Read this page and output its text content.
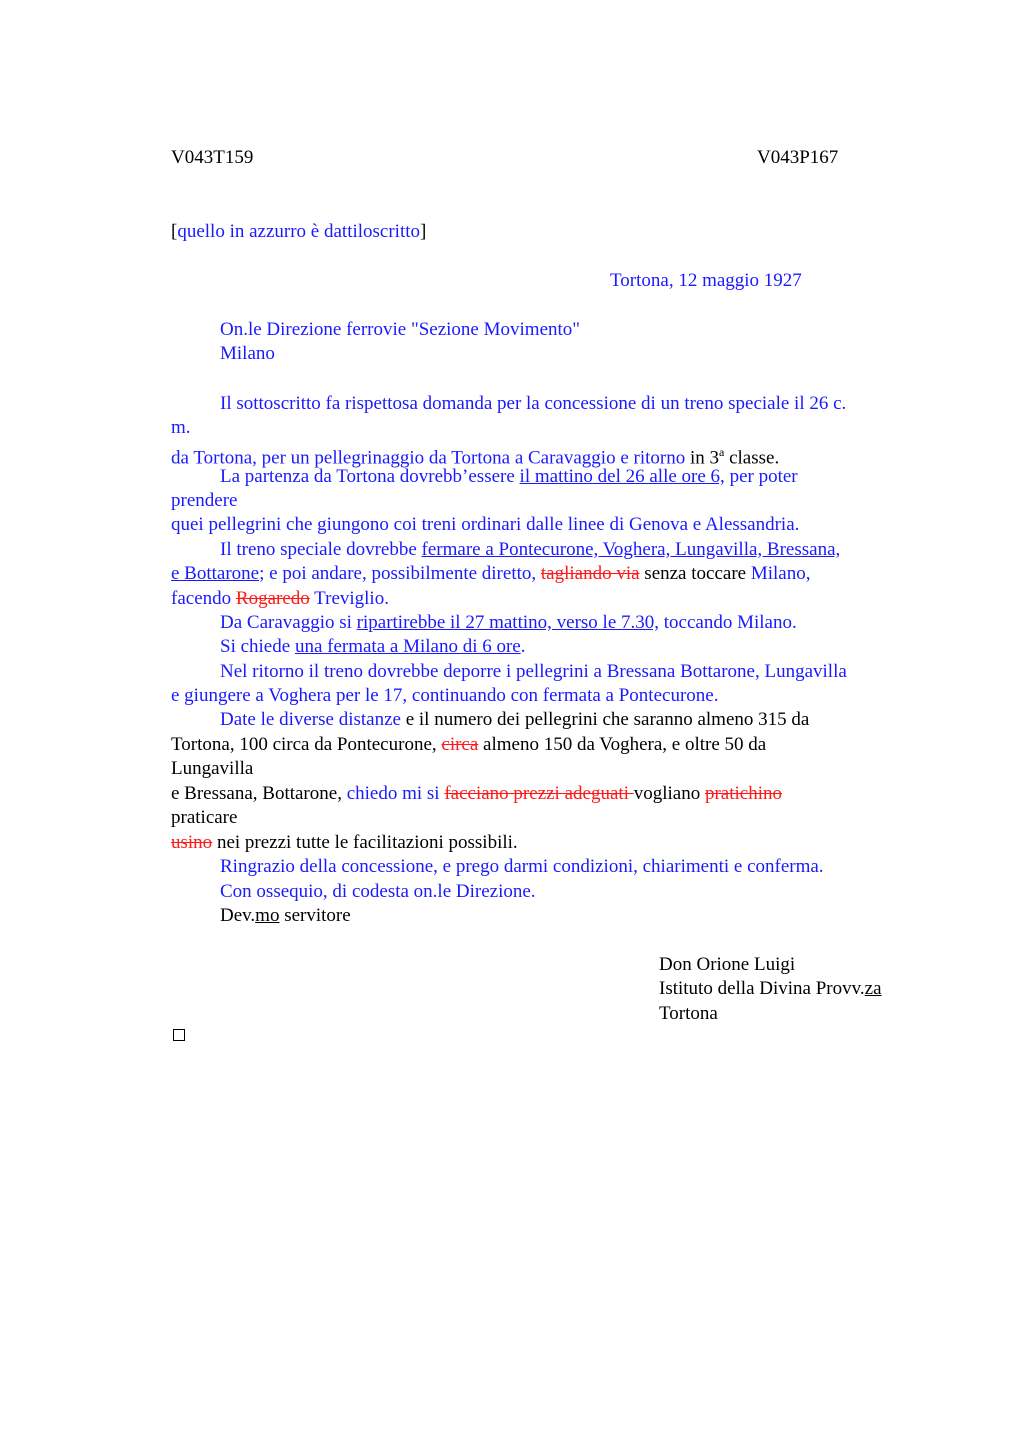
V043T159	V043P167
[quello in azzurro è dattiloscritto]
Tortona, 12 maggio 1927
On.le Direzione ferrovie "Sezione Movimento"
Milano
Il sottoscritto fa rispettosa domanda per la concessione di un treno speciale il 26 c.
m.
da Tortona, per un pellegrinaggio da Tortona a Caravaggio e ritorno in 3$^a$ classe.
La partenza da Tortona dovrebb’essere il mattino del 26 alle ore 6, per poter
prendere
quei pellegrini che giungono coi treni ordinari dalle linee di Genova e Alessandria.
Il treno speciale dovrebbe fermare a Pontecurone, Voghera, Lungavilla, Bressana,
e Bottarone; e poi andare, possibilmente diretto, tagliando via senza toccare Milano,
facendo Rogaredo Treviglio.
Da Caravaggio si ripartirebbe il 27 mattino, verso le 7.30, toccando Milano.
Si chiede una fermata a Milano di 6 ore.
Nel ritorno il treno dovrebbe deporre i pellegrini a Bressana Bottarone, Lungavilla
e giungere a Voghera per le 17, continuando con fermata a Pontecurone.
Date le diverse distanze e il numero dei pellegrini che saranno almeno 315 da
Tortona, 100 circa da Pontecurone, circa almeno 150 da Voghera, e oltre 50 da
Lungavilla
e Bressana, Bottarone, chiedo mi si facciano prezzi adeguati vogliano pratichino
praticare
usino nei prezzi tutte le facilitazioni possibili.
Ringrazio della concessione, e prego darmi condizioni, chiarimenti e conferma.
Con ossequio, di codesta on.le Direzione.
Dev.mo servitore
Don Orione Luigi
Istituto della Divina Provv.za
Tortona
